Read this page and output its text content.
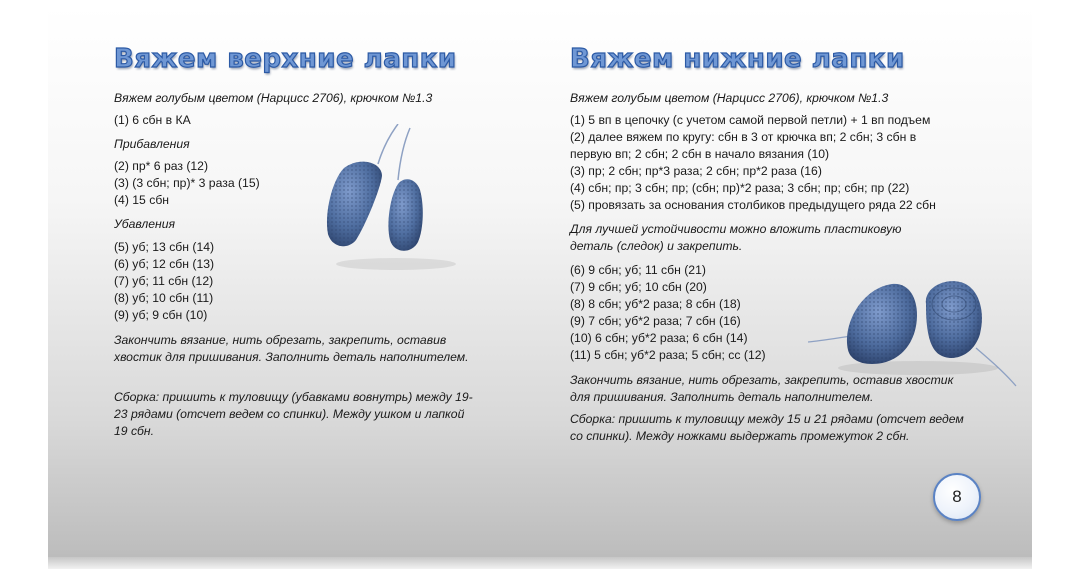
Вяжем верхние лапки
Вяжем голубым цветом (Нарцисс 2706), крючком №1.3
(1) 6 сбн в КА
Прибавления
(2) пр* 6 раз (12)
(3) (3 сбн; пр)* 3 раза (15)
(4) 15 сбн
Убавления
(5) уб; 13 сбн (14)
(6) уб; 12 сбн (13)
(7) уб; 11 сбн (12)
(8) уб; 10 сбн (11)
(9) уб; 9 сбн (10)
Закончить вязание, нить обрезать, закрепить, оставив хвостик для пришивания. Заполнить деталь наполнителем.
Сборка: пришить к туловищу (убавками вовнутрь) между 19-23 рядами (отсчет ведем со спинки). Между ушком и лапкой 19 сбн.
Вяжем нижние лапки
Вяжем голубым цветом (Нарцисс 2706), крючком №1.3
(1) 5 вп в цепочку (с учетом самой первой петли) + 1 вп подъем
(2) далее вяжем по кругу: сбн в 3 от крючка вп; 2 сбн; 3 сбн в
первую вп; 2 сбн; 2 сбн в начало вязания (10)
(3) пр; 2 сбн; пр*3 раза; 2 сбн; пр*2 раза (16)
(4) сбн; пр; 3 сбн; пр; (сбн; пр)*2 раза; 3 сбн; пр; сбн; пр (22)
(5) провязать за основания столбиков предыдущего ряда 22 сбн
Для лучшей устойчивости можно вложить пластиковую деталь (следок) и закрепить.
(6) 9 сбн; уб; 11 сбн (21)
(7) 9 сбн; уб; 10 сбн (20)
(8) 8 сбн; уб*2 раза; 8 сбн (18)
(9) 7 сбн; уб*2 раза; 7 сбн (16)
(10) 6 сбн; уб*2 раза; 6 сбн (14)
(11) 5 сбн; уб*2 раза; 5 сбн; сс (12)
Закончить вязание, нить обрезать, закрепить, оставив хвостик для пришивания. Заполнить деталь наполнителем.
Сборка: пришить к туловищу между 15 и 21 рядами (отсчет ведем со спинки). Между ножками выдержать промежуток 2 сбн.
8
